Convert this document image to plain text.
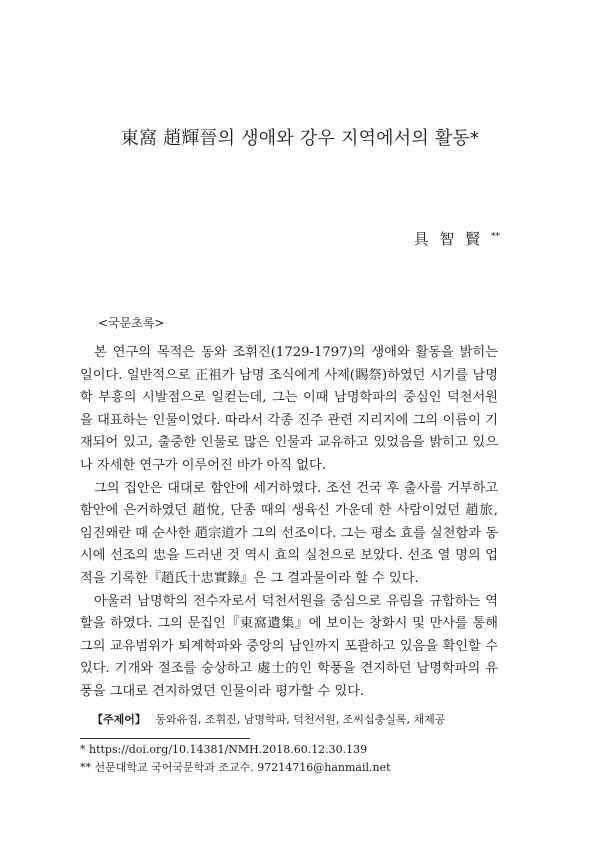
東窩 趙輝晉의 생애와 강우 지역에서의 활동*
具 智 賢 **
<국문초록>

본 연구의 목적은 동와 조휘진(1729-1797)의 생애와 활동을 밝히는 일이다. 일반적으로 正祖가 남명 조식에게 사제(賜祭)하였던 시기를 남명학 부흥의 시발점으로 일컫는데, 그는 이때 남명학파의 중심인 덕천서원을 대표하는 인물이었다. 따라서 각종 진주 관련 지리지에 그의 이름이 기재되어 있고, 출중한 인물로 많은 인물과 교유하고 있었음을 밝히고 있으나 자세한 연구가 이루어진 바가 아직 없다.

그의 집안은 대대로 함안에 세거하였다. 조선 건국 후 출사를 거부하고 함안에 은거하였던 趙悅, 단종 때의 생육신 가운데 한 사람이었던 趙旅, 임진왜란 때 순사한 趙宗道가 그의 선조이다. 그는 평소 효를 실천함과 동시에 선조의 忠을 드러낸 것 역시 효의 실천으로 보았다. 선조 열 명의 업적을 기록한『趙氏十忠實錄』은 그 결과물이라 할 수 있다.

아울러 남명학의 전수자로서 덕천서원을 중심으로 유림을 규합하는 역할을 하였다. 그의 문집인『東窩遺集』에 보이는 창화시 및 만사를 통해 그의 교유범위가 퇴계학파와 중앙의 남인까지 포괄하고 있음을 확인할 수 있다. 기개와 절조를 숭상하고 處士的인 학풍을 견지하던 남명학파의 유풍을 그대로 견지하였던 인물이라 평가할 수 있다.

【주제어】 동와유집, 조휘진, 남명학파, 덕천서원, 조씨십충실록, 채제공
* https://doi.org/10.14381/NMH.2018.60.12.30.139
** 선문대학교 국어국문학과 조교수. 97214716@hanmail.net
